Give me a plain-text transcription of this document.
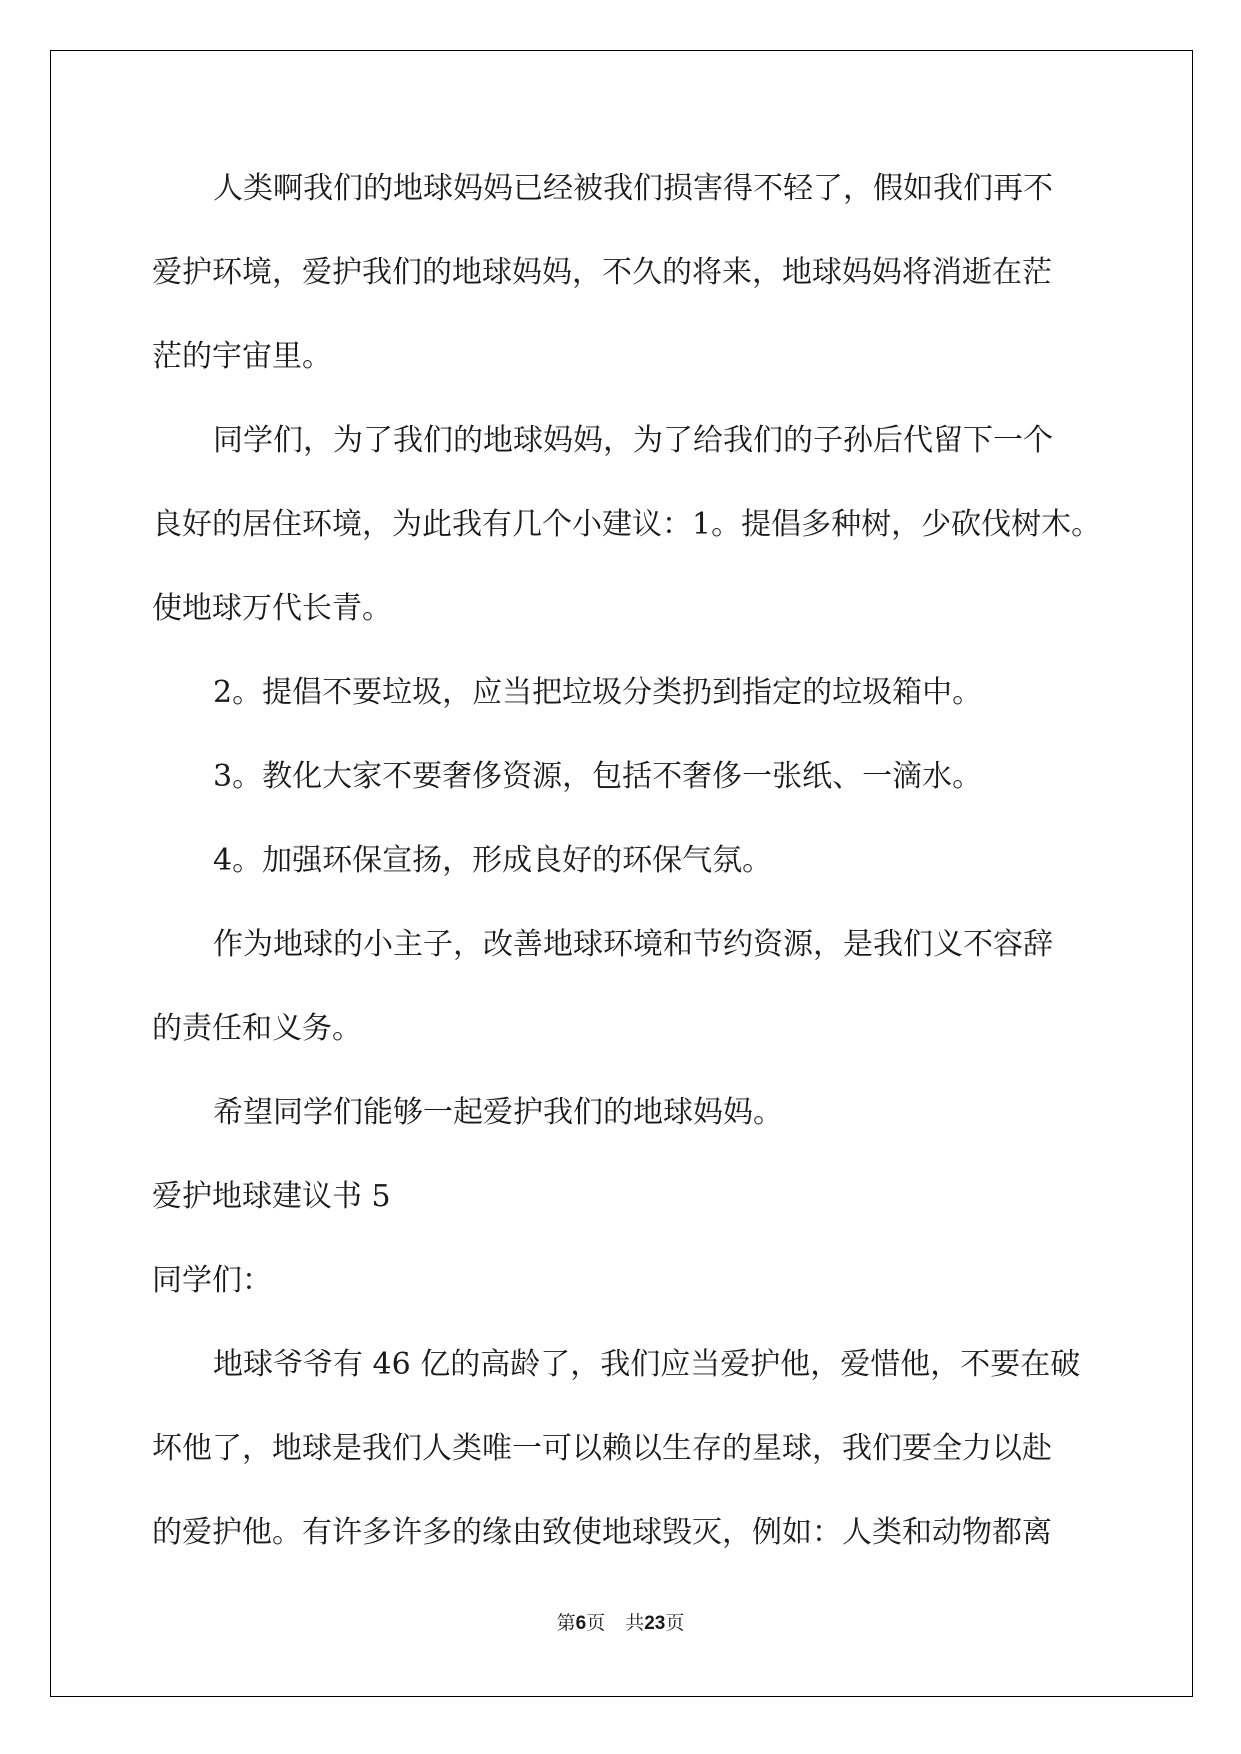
人类啊我们的地球妈妈已经被我们损害得不轻了，假如我们再不
爱护环境，爱护我们的地球妈妈，不久的将来，地球妈妈将消逝在茫
茫的宇宙里。
同学们，为了我们的地球妈妈，为了给我们的子孙后代留下一个
良好的居住环境，为此我有几个小建议：1。提倡多种树，少砍伐树木。
使地球万代长青。
2。提倡不要垃圾，应当把垃圾分类扔到指定的垃圾箱中。
3。教化大家不要奢侈资源，包括不奢侈一张纸、一滴水。
4。加强环保宣扬，形成良好的环保气氛。
作为地球的小主子，改善地球环境和节约资源，是我们义不容辞
的责任和义务。
希望同学们能够一起爱护我们的地球妈妈。
爱护地球建议书 5
同学们：
地球爷爷有 46 亿的高龄了，我们应当爱护他，爱惜他，不要在破
坏他了，地球是我们人类唯一可以赖以生存的星球，我们要全力以赴
的爱护他。有许多许多的缘由致使地球毁灭，例如：人类和动物都离
第6页 共23页
